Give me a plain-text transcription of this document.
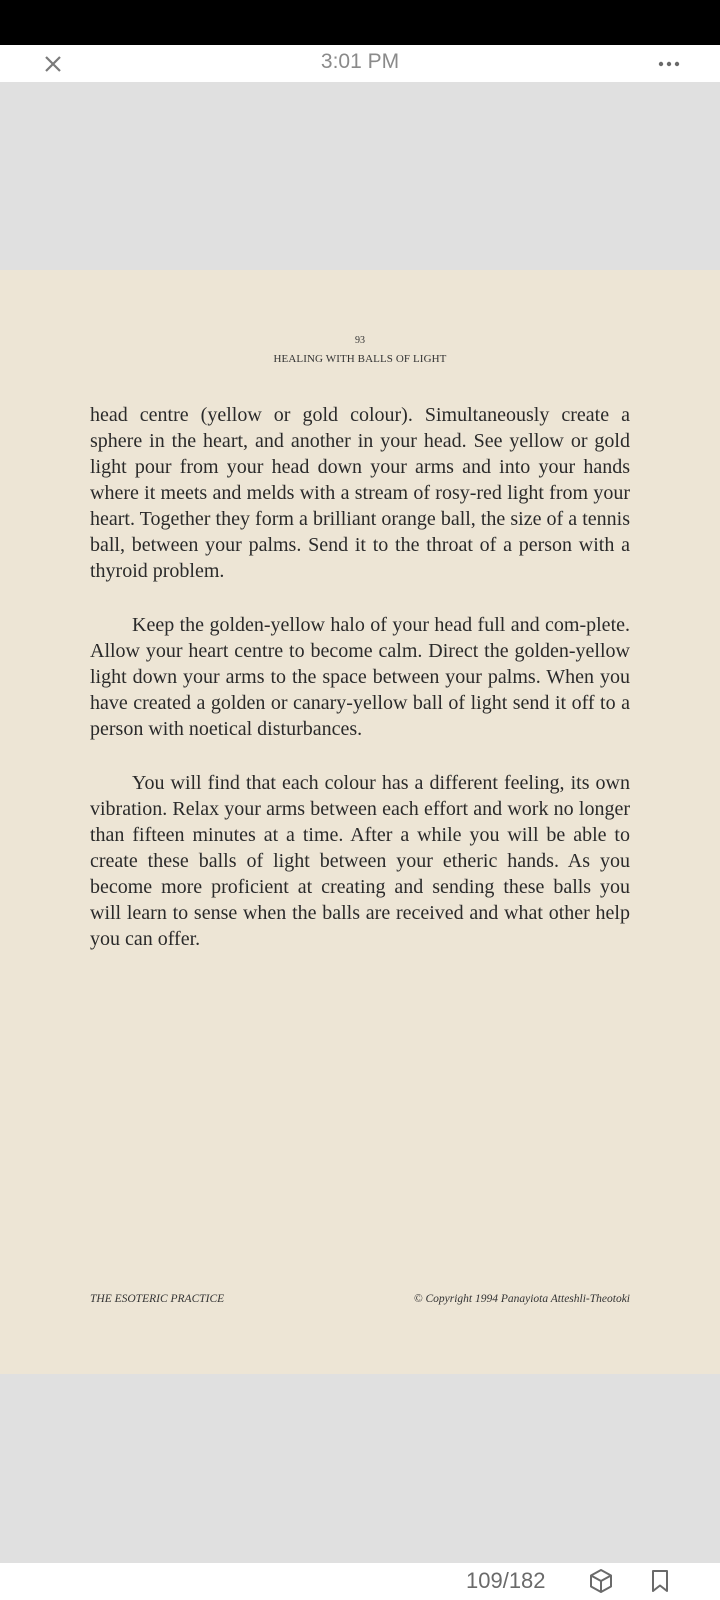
3:01 PM
93
HEALING WITH BALLS OF LIGHT

head centre (yellow or gold colour). Simultaneously create a sphere in the heart, and another in your head. See yellow or gold light pour from your head down your arms and into your hands where it meets and melds with a stream of rosy-red light from your heart. Together they form a brilliant orange ball, the size of a tennis ball, between your palms. Send it to the throat of a person with a thyroid problem.

Keep the golden-yellow halo of your head full and com-plete. Allow your heart centre to become calm. Direct the golden-yellow light down your arms to the space between your palms. When you have created a golden or canary-yellow ball of light send it off to a person with noetical disturbances.

You will find that each colour has a different feeling, its own vibration. Relax your arms between each effort and work no longer than fifteen minutes at a time. After a while you will be able to create these balls of light between your etheric hands. As you become more proficient at creating and sending these balls you will learn to sense when the balls are received and what other help you can offer.

THE ESOTERIC PRACTICE	© Copyright 1994 Panayiota Atteshli-Theotoki
109/182
